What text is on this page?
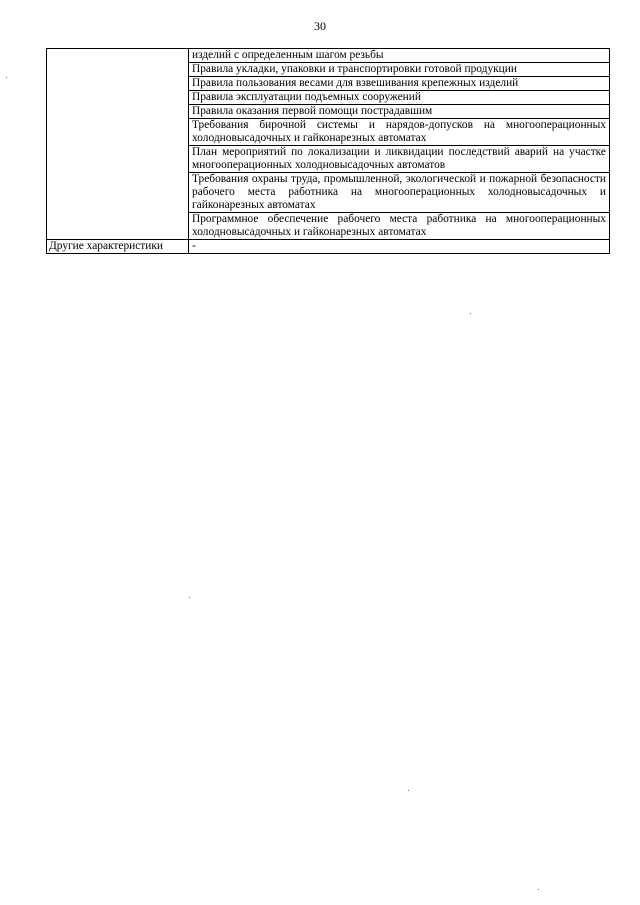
30
	изделий с определенным шагом резьбы
	Правила укладки, упаковки и транспортировки готовой продукции
	Правила пользования весами для взвешивания крепежных изделий
	Правила эксплуатации подъемных сооружений
	Правила оказания первой помощи пострадавшим
	Требования бирочной системы и нарядов-допусков на многооперационных холодновысадочных и гайконарезных автоматах
	План мероприятий по локализации и ликвидации последствий аварий на участке многооперационных холодновысадочных автоматов
	Требования охраны труда, промышленной, экологической и пожарной безопасности рабочего места работника на многооперационных холодновысадочных и гайконарезных автоматах
	Программное обеспечение рабочего места работника на многооперационных холодновысадочных и гайконарезных автоматах
Другие характеристики	-
